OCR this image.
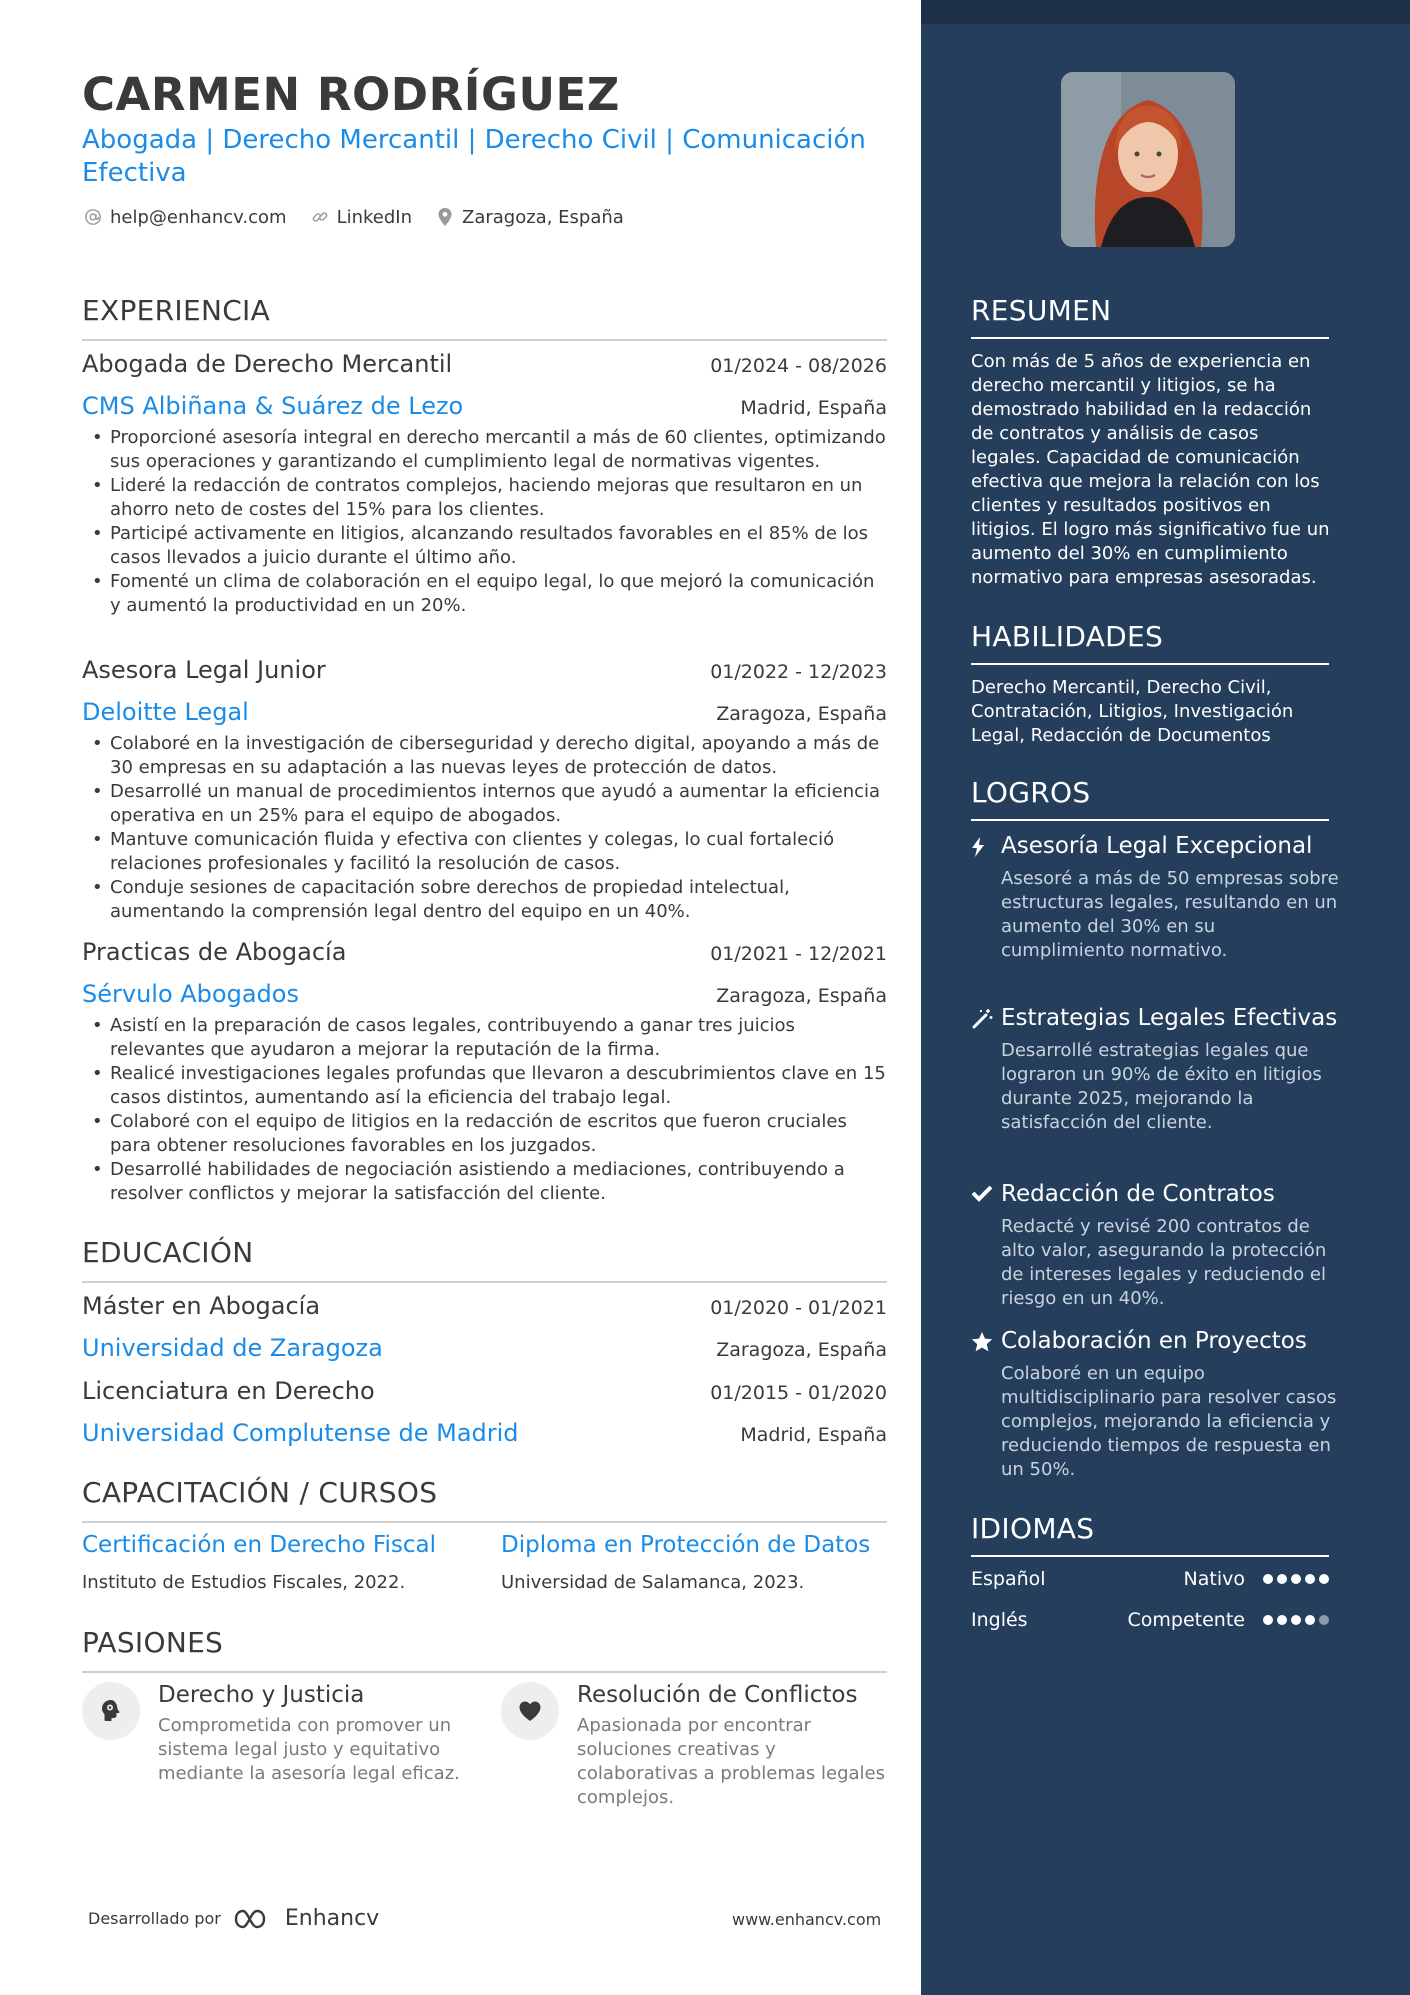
CARMEN RODRÍGUEZ
Abogada | Derecho Mercantil | Derecho Civil | Comunicación Efectiva
help@enhancv.com	LinkedIn	Zaragoza, España
EXPERIENCIA
Abogada de Derecho Mercantil	01/2024 - 08/2026
CMS Albiñana & Suárez de Lezo	Madrid, España
• Proporcioné asesoría integral en derecho mercantil a más de 60 clientes, optimizando sus operaciones y garantizando el cumplimiento legal de normativas vigentes.
• Lideré la redacción de contratos complejos, haciendo mejoras que resultaron en un ahorro neto de costes del 15% para los clientes.
• Participé activamente en litigios, alcanzando resultados favorables en el 85% de los casos llevados a juicio durante el último año.
• Fomenté un clima de colaboración en el equipo legal, lo que mejoró la comunicación y aumentó la productividad en un 20%.
Asesora Legal Junior	01/2022 - 12/2023
Deloitte Legal	Zaragoza, España
• Colaboré en la investigación de ciberseguridad y derecho digital, apoyando a más de 30 empresas en su adaptación a las nuevas leyes de protección de datos.
• Desarrollé un manual de procedimientos internos que ayudó a aumentar la eficiencia operativa en un 25% para el equipo de abogados.
• Mantuve comunicación fluida y efectiva con clientes y colegas, lo cual fortaleció relaciones profesionales y facilitó la resolución de casos.
• Conduje sesiones de capacitación sobre derechos de propiedad intelectual, aumentando la comprensión legal dentro del equipo en un 40%.
Practicas de Abogacía	01/2021 - 12/2021
Sérvulo Abogados	Zaragoza, España
• Asistí en la preparación de casos legales, contribuyendo a ganar tres juicios relevantes que ayudaron a mejorar la reputación de la firma.
• Realicé investigaciones legales profundas que llevaron a descubrimientos clave en 15 casos distintos, aumentando así la eficiencia del trabajo legal.
• Colaboré con el equipo de litigios en la redacción de escritos que fueron cruciales para obtener resoluciones favorables en los juzgados.
• Desarrollé habilidades de negociación asistiendo a mediaciones, contribuyendo a resolver conflictos y mejorar la satisfacción del cliente.
EDUCACIÓN
Máster en Abogacía	01/2020 - 01/2021
Universidad de Zaragoza	Zaragoza, España
Licenciatura en Derecho	01/2015 - 01/2020
Universidad Complutense de Madrid	Madrid, España
CAPACITACIÓN / CURSOS
Certificación en Derecho Fiscal
Instituto de Estudios Fiscales, 2022.
Diploma en Protección de Datos
Universidad de Salamanca, 2023.
PASIONES
Derecho y Justicia
Comprometida con promover un sistema legal justo y equitativo mediante la asesoría legal eficaz.
Resolución de Conflictos
Apasionada por encontrar soluciones creativas y colaborativas a problemas legales complejos.
Desarrollado por	Enhancv	www.enhancv.com
RESUMEN
Con más de 5 años de experiencia en derecho mercantil y litigios, se ha demostrado habilidad en la redacción de contratos y análisis de casos legales. Capacidad de comunicación efectiva que mejora la relación con los clientes y resultados positivos en litigios. El logro más significativo fue un aumento del 30% en cumplimiento normativo para empresas asesoradas.
HABILIDADES
Derecho Mercantil, Derecho Civil, Contratación, Litigios, Investigación Legal, Redacción de Documentos
LOGROS
Asesoría Legal Excepcional
Asesoré a más de 50 empresas sobre estructuras legales, resultando en un aumento del 30% en su cumplimiento normativo.
Estrategias Legales Efectivas
Desarrollé estrategias legales que lograron un 90% de éxito en litigios durante 2025, mejorando la satisfacción del cliente.
Redacción de Contratos
Redacté y revisé 200 contratos de alto valor, asegurando la protección de intereses legales y reduciendo el riesgo en un 40%.
Colaboración en Proyectos
Colaboré en un equipo multidisciplinario para resolver casos complejos, mejorando la eficiencia y reduciendo tiempos de respuesta en un 50%.
IDIOMAS
Español	Nativo
Inglés	Competente
